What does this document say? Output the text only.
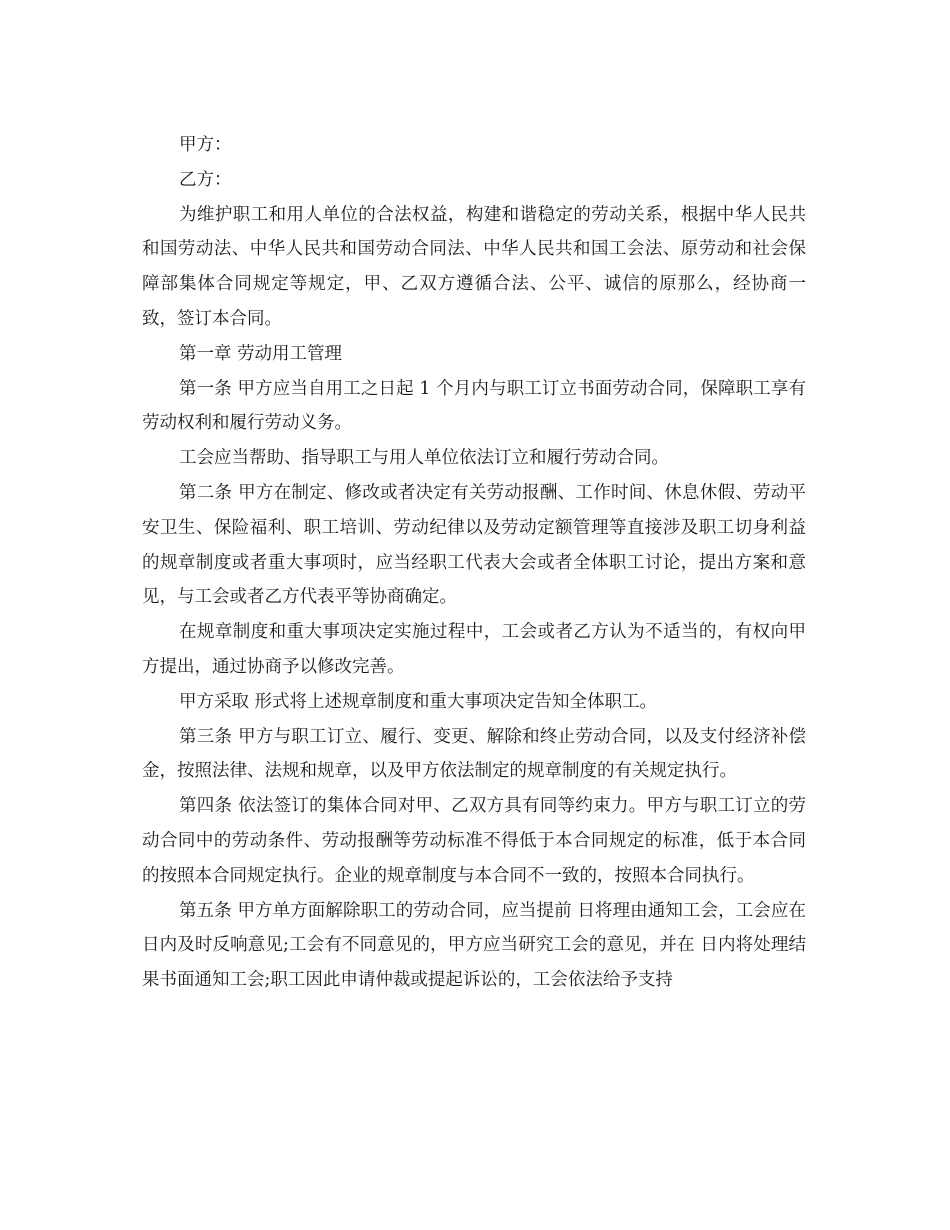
甲方：

乙方：

为维护职工和用人单位的合法权益，构建和谐稳定的劳动关系，根据中华人民共和国劳动法、中华人民共和国劳动合同法、中华人民共和国工会法、原劳动和社会保障部集体合同规定等规定，甲、乙双方遵循合法、公平、诚信的原那么，经协商一致，签订本合同。

第一章 劳动用工管理

第一条 甲方应当自用工之日起 1 个月内与职工订立书面劳动合同，保障职工享有劳动权利和履行劳动义务。

工会应当帮助、指导职工与用人单位依法订立和履行劳动合同。

第二条 甲方在制定、修改或者决定有关劳动报酬、工作时间、休息休假、劳动平安卫生、保险福利、职工培训、劳动纪律以及劳动定额管理等直接涉及职工切身利益的规章制度或者重大事项时，应当经职工代表大会或者全体职工讨论，提出方案和意见，与工会或者乙方代表平等协商确定。

在规章制度和重大事项决定实施过程中，工会或者乙方认为不适当的，有权向甲方提出，通过协商予以修改完善。

甲方采取 形式将上述规章制度和重大事项决定告知全体职工。

第三条 甲方与职工订立、履行、变更、解除和终止劳动合同，以及支付经济补偿金，按照法律、法规和规章，以及甲方依法制定的规章制度的有关规定执行。

第四条 依法签订的集体合同对甲、乙双方具有同等约束力。甲方与职工订立的劳动合同中的劳动条件、劳动报酬等劳动标准不得低于本合同规定的标准，低于本合同的按照本合同规定执行。企业的规章制度与本合同不一致的，按照本合同执行。

第五条 甲方单方面解除职工的劳动合同，应当提前 日将理由通知工会，工会应在 日内及时反响意见;工会有不同意见的，甲方应当研究工会的意见，并在 日内将处理结果书面通知工会;职工因此申请仲裁或提起诉讼的，工会依法给予支持
